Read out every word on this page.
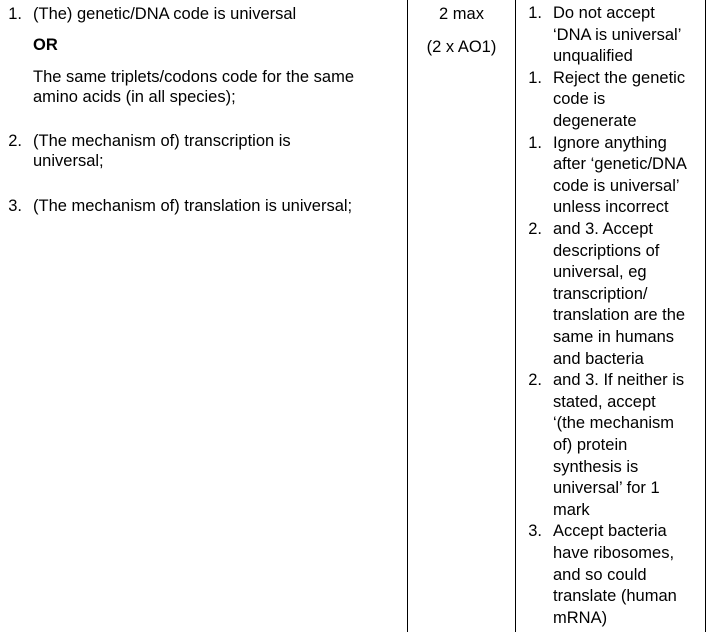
1. (The) genetic/DNA code is universal
OR
The same triplets/codons code for the same
amino acids (in all species);
2. (The mechanism of) transcription is
universal;
3. (The mechanism of) translation is universal;
2 max
(2 x AO1)
1. Do not accept
‘DNA is universal’
unqualified
1. Reject the genetic
code is
degenerate
1. Ignore anything
after ‘genetic/DNA
code is universal’
unless incorrect
2. and 3. Accept
descriptions of
universal, eg
transcription/
translation are the
same in humans
and bacteria
2. and 3. If neither is
stated, accept
‘(the mechanism
of) protein
synthesis is
universal’ for 1
mark
3. Accept bacteria
have ribosomes,
and so could
translate (human
mRNA)
